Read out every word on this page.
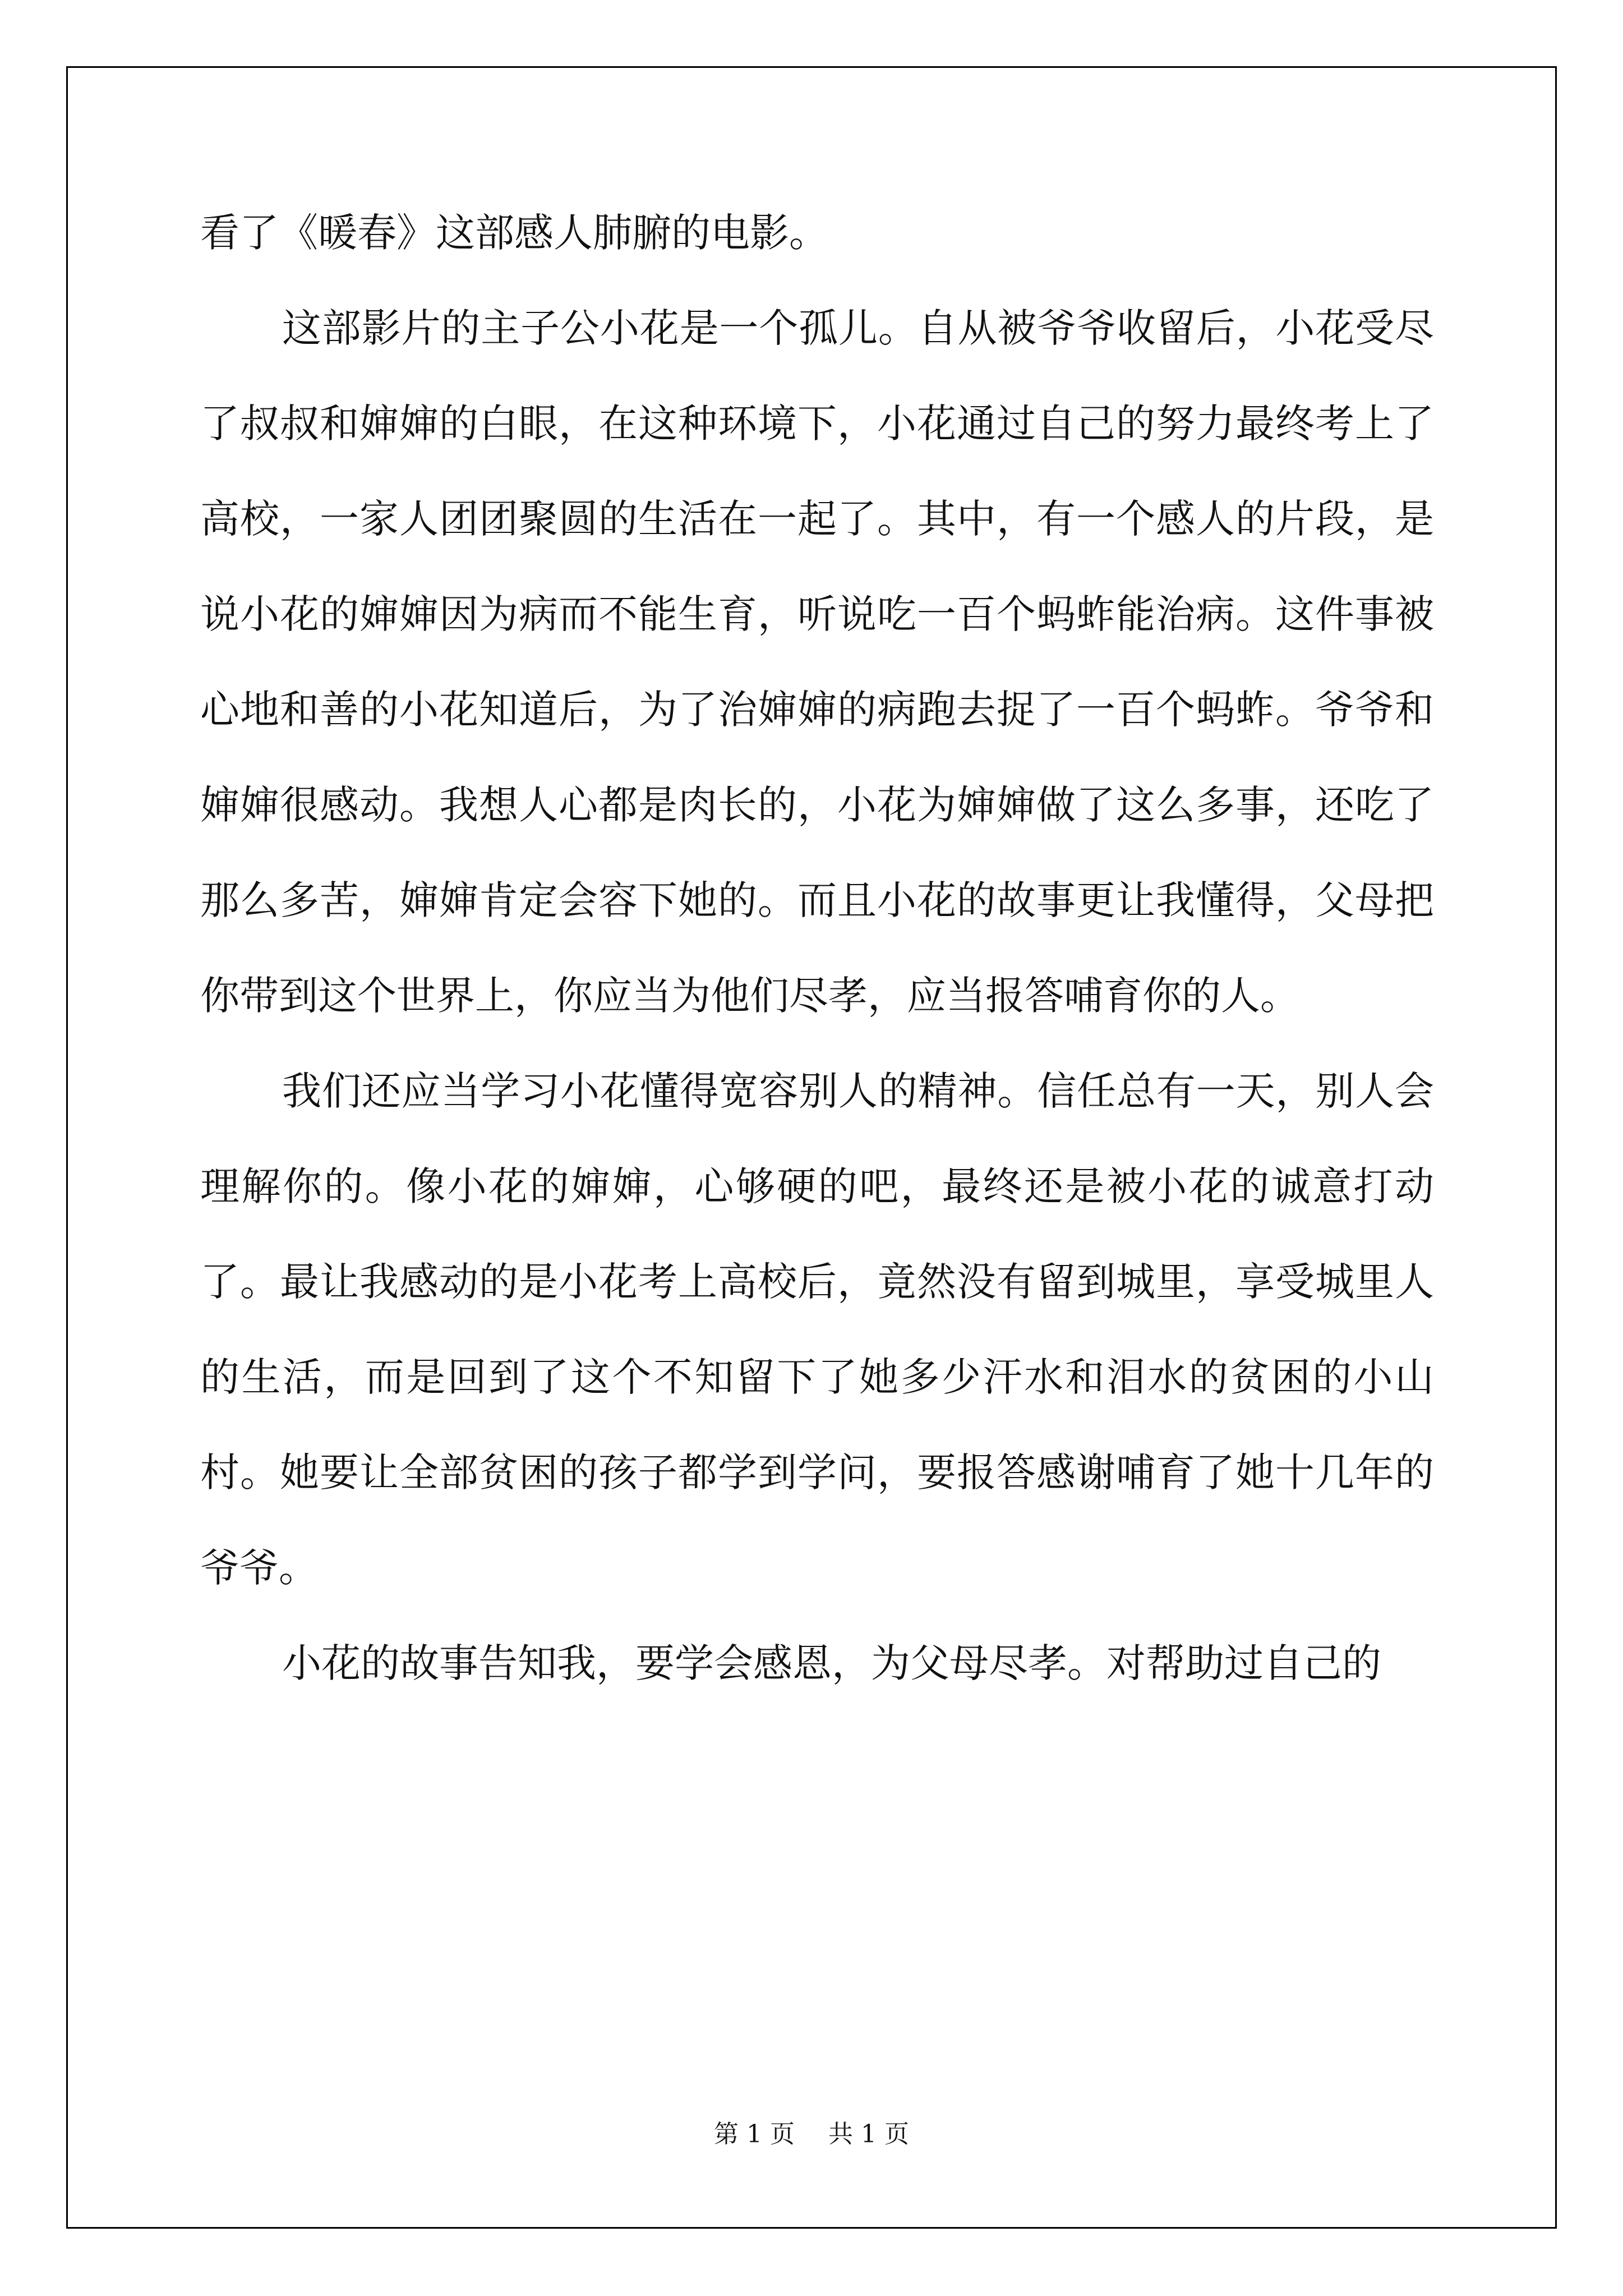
看了《暖春》这部感人肺腑的电影。

这部影片的主子公小花是一个孤儿。自从被爷爷收留后，小花受尽了叔叔和婶婶的白眼，在这种环境下，小花通过自己的努力最终考上了高校，一家人团团聚圆的生活在一起了。其中，有一个感人的片段，是说小花的婶婶因为病而不能生育，听说吃一百个蚂蚱能治病。这件事被心地和善的小花知道后，为了治婶婶的病跑去捉了一百个蚂蚱。爷爷和婶婶很感动。我想人心都是肉长的，小花为婶婶做了这么多事，还吃了那么多苦，婶婶肯定会容下她的。而且小花的故事更让我懂得，父母把你带到这个世界上，你应当为他们尽孝，应当报答哺育你的人。

我们还应当学习小花懂得宽容别人的精神。信任总有一天，别人会理解你的。像小花的婶婶，心够硬的吧，最终还是被小花的诚意打动了。最让我感动的是小花考上高校后，竟然没有留到城里，享受城里人的生活，而是回到了这个不知留下了她多少汗水和泪水的贫困的小山村。她要让全部贫困的孩子都学到学问，要报答感谢哺育了她十几年的爷爷。

小花的故事告知我，要学会感恩，为父母尽孝。对帮助过自己的

第 1 页 共 1 页
